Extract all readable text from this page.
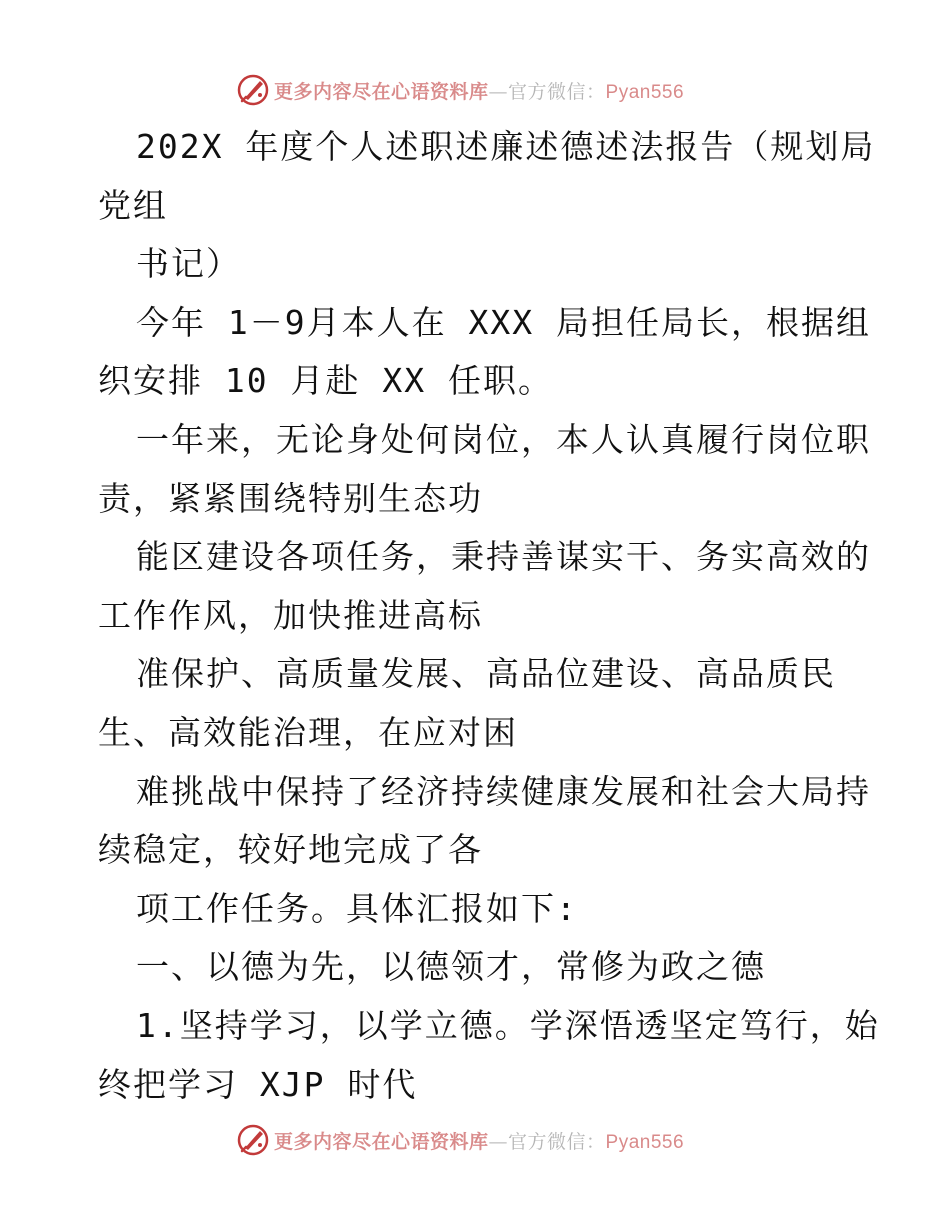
更多内容尽在心语资料库—官方微信：Pyan556
202X 年度个人述职述廉述德述法报告（规划局
党组
书记）
今年 1－9月本人在 XXX 局担任局长，根据组
织安排 10 月赴 XX 任职。
一年来，无论身处何岗位，本人认真履行岗位职
责，紧紧围绕特别生态功
能区建设各项任务，秉持善谋实干、务实高效的
工作作风，加快推进高标
准保护、高质量发展、高品位建设、高品质民
生、高效能治理，在应对困
难挑战中保持了经济持续健康发展和社会大局持
续稳定，较好地完成了各
项工作任务。具体汇报如下:
一、以德为先，以德领才，常修为政之德
1.坚持学习，以学立德。学深悟透坚定笃行，始
终把学习 XJP 时代
更多内容尽在心语资料库—官方微信：Pyan556
